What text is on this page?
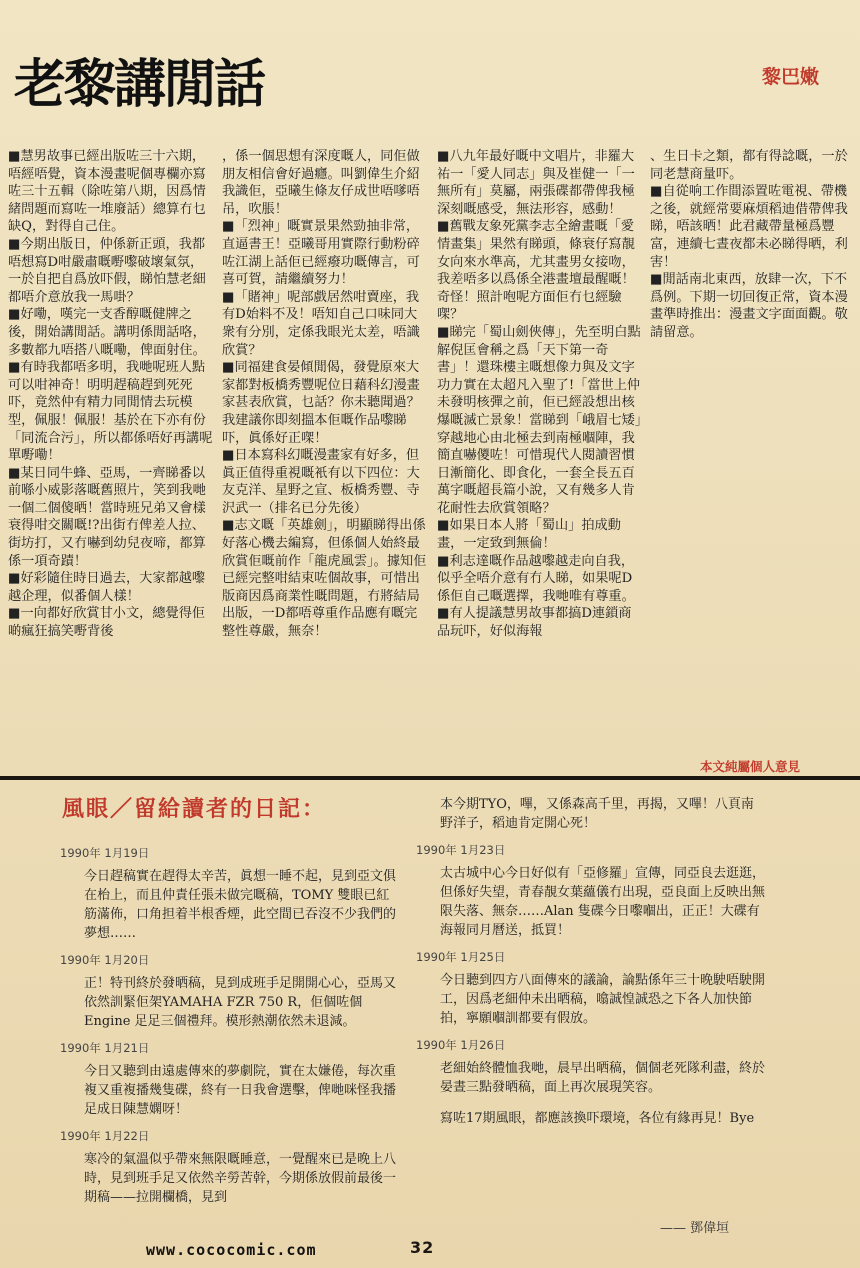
老黎講閒話	黎巴嫩

■慧男故事已經出版咗三十六期，唔經唔覺，資本漫畫呢個專欄亦寫咗三十五輯（除咗第八期，因爲情緒問題而寫咗一堆廢話）總算冇乜缺Q，對得自己住。

■今期出版日，仲係新正頭，我都唔想寫D咁嚴肅嘅嘢嚟破壞氣氛，一於自把自爲放吓假，睇怕慧老細都唔介意放我一馬啩？

■好嘞，嘆完一支香醇嘅健牌之後，開始講閒話。講明係閒話咯，多數都九唔搭八嘅嘞，俾面射住。

■有時我都唔多明，我哋呢班人點可以咁神奇！明明趕稿趕到死死吓，竟然仲有精力同閒情去玩模型，佩服！佩服！基於在下亦有份「同流合污」，所以都係唔好再講呢單嘢嘞！

■某日同牛蜂、亞馬，一齊睇番以前喺小威影落嘅舊照片，笑到我哋一個二個傻晒！當時班兄弟又會樣衰得咁交關嘅!?出街冇俾差人拉、街坊打，又冇嚇到幼兒夜啼，都算係一項奇蹟！

■好彩隨住時日過去，大家都越嚟越企理，似番個人樣！

■一向都好欣賞甘小文，總覺得佢啲瘋狂搞笑嘢背後

，係一個思想有深度嘅人，同佢做朋友相信會好過癮。叫劉偉生介紹我識佢，亞曦生條友仔成世唔嗲唔吊，吹脹！

■「烈神」嘅實景果然勁抽非常，直逼書王！亞曦哥用實際行動粉碎咗江湖上話佢已經癈功嘅傳言，可喜可賀，請繼續努力！

■「賭神」呢部戲居然咁賣座，我有D始料不及！唔知自己口味同大衆有分別，定係我眼光太差，唔識欣賞？

■同福建食晏傾閒偈，發覺原來大家都對板橋秀豐呢位日藉科幻漫畫家甚表欣賞，乜話？你未聽聞過？我建議你即刻搵本佢嘅作品嚟睇吓，眞係好正㗎！

■日本寫科幻嘅漫畫家有好多，但眞正值得重視嘅衹有以下四位：大友克洋、星野之宣、板橋秀豐、寺沢武一（排名已分先後）

■志文嘅「英雄劍」，明顯睇得出係好落心機去編寫，但係個人始終最欣賞佢嘅前作「龍虎風雲」。據知佢已經完整咁結束咗個故事，可惜出版商因爲商業性嘅問題，冇將結局出版，一D都唔尊重作品應有嘅完整性尊嚴，無奈！

■八九年最好嘅中文唱片，非羅大祐一「愛人同志」與及崔健一「一無所有」莫屬，兩張碟都帶俾我極深刻嘅感受，無法形容，感動！

■舊戰友象死黨李志全繪畫嘅「愛情畫集」果然有睇頭，條衰仔寫靚女向來水準高，尤其畫男女接吻，我差唔多以爲係全港畫壇最醒嘅！奇怪！照計咆呢方面佢冇乜經驗㗎？

■睇完「蜀山劍俠傳」，先至明白點解倪匡會稱之爲「天下第一奇書」！還珠樓主嘅想像力與及文字功力實在太超凡入聖了!「當世上仲未發明核彈之前，佢已經設想出核爆嘅滅亡景象！當睇到「峨眉七矮」穿越地心由北極去到南極嗰陣，我簡直嚇儍咗！可惜現代人閱讀習慣日漸簡化、即食化，一套全長五百萬字嘅超長篇小說，又有幾多人肯花耐性去欣賞領略？

■如果日本人將「蜀山」拍成動畫，一定致到無倫！

■利志達嘅作品越嚟越走向自我，似乎全唔介意有冇人睇，如果呢D係佢自己嘅選擇，我哋唯有尊重。

■有人提議慧男故事都搞D連鎖商品玩吓，好似海報

、生日卡之類，都有得諗嘅，一於同老慧商量吓。

■自從响工作間添置咗電視、帶機之後，就經常要麻煩稻迪借帶俾我睇，唔該晒！此君藏帶量極爲豐富，連續七晝夜都未必睇得晒，利害！

■閒話南北東西，放肆一次，下不爲例。下期一切回復正常，資本漫畫準時推出：漫畫文字面面觀。敬請留意。

本文純屬個人意見
風眼／留給讀者的日記：
1990年 1月19日

今日趕稿實在趕得太辛苦，眞想一睡不起，見到亞文俱在枱上，而且仲責任張未做完嘅稿，TOMY 雙眼已紅筋滿佈，口角担着半根香煙，此空間已吞沒不少我們的夢想……

1990年 1月20日

正！特刊終於發晒稿，見到成班手足開開心心，亞馬又依然訓緊佢架YAMAHA FZR 750 R，佢個咗個Engine 足足三個禮拜。模形熱潮依然未退減。

1990年 1月21日

今日又聽到由遠處傳來的夢劇院，實在太嫌倦，每次重複又重複播幾隻碟，終有一日我會選擊，俾哋咪怪我播足成日陳慧嫻呀！

1990年 1月22日

寒冷的氣溫似乎帶來無限嘅睡意，一覺醒來已是晚上八時，見到班手足又依然辛勞苦幹，今期係放假前最後一期稿——拉開欄橋，見到

本今期TYO，嗶，又係森高千里，再揭，又嗶！八頁南野洋子，稻迪肯定開心死！

1990年 1月23日

太古城中心今日好似有「亞修羅」宣傳，同亞良去逛逛，但係好失望，青春靚女葉蘊儀冇出現，亞良面上反映出無限失落、無奈……Alan 隻碟今日嚟嗰出，正正！大碟有海報同月曆送，抵買！

1990年 1月25日

今日聽到四方八面傳來的議論，論點係年三十晚駛唔駛開工，因爲老細仲未出晒稿，噏誠惶誠恐之下各人加快節拍，寧願嗰訓都要有假放。

1990年 1月26日

老細始終體恤我哋，晨早出晒稿，個個老死隊利盡，終於晏晝三點發晒稿，面上再次展現笑容。

寫咗17期風眼，都應該換吓環境，各位有緣再見！Bye

—— 鄧偉垣
www.cococomic.com	32
